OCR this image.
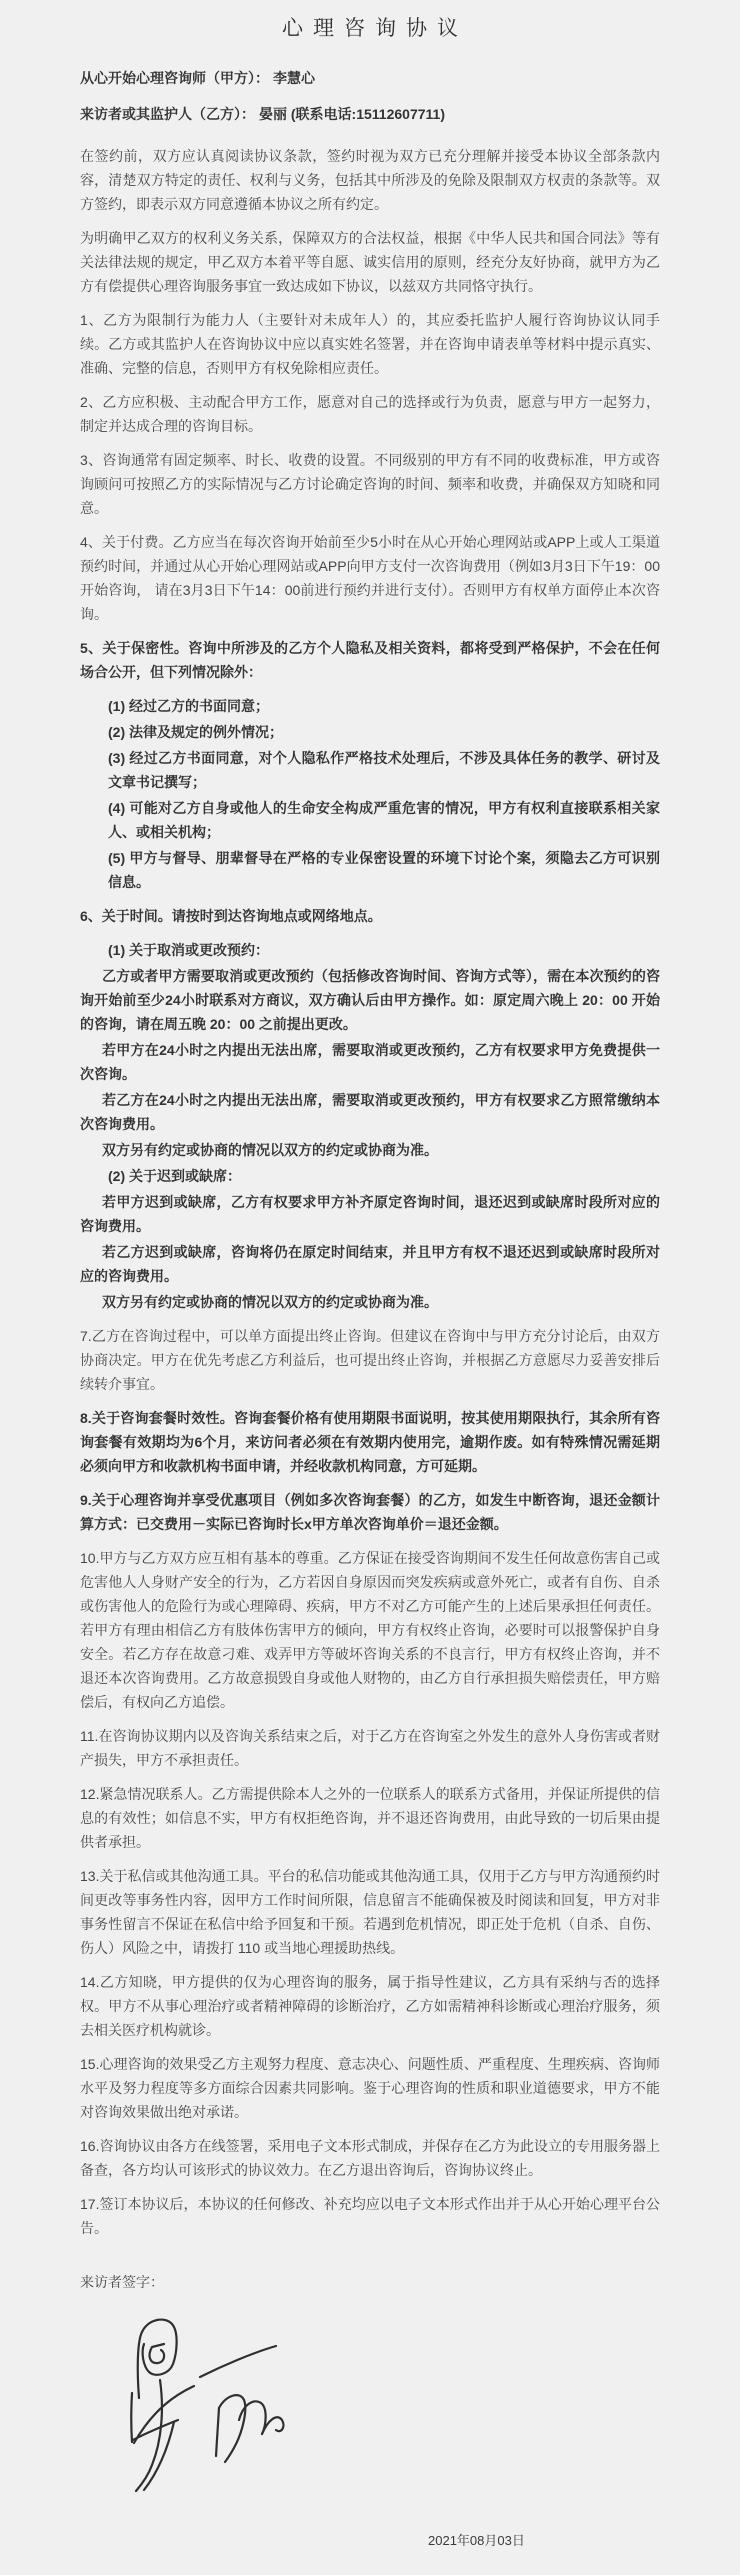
心理咨询协议
从心开始心理咨询师（甲方）： 李慧心
来访者或其监护人（乙方）： 晏丽 (联系电话:15112607711)

在签约前，双方应认真阅读协议条款，签约时视为双方已充分理解并接受本协议全部条款内容，清楚双方特定的责任、权利与义务，包括其中所涉及的免除及限制双方权责的条款等。双方签约，即表示双方同意遵循本协议之所有约定。

为明确甲乙双方的权利义务关系，保障双方的合法权益，根据《中华人民共和国合同法》等有关法律法规的规定，甲乙双方本着平等自愿、诚实信用的原则，经充分友好协商，就甲方为乙方有偿提供心理咨询服务事宜一致达成如下协议，以兹双方共同恪守执行。

1、乙方为限制行为能力人（主要针对未成年人）的，其应委托监护人履行咨询协议认同手续。乙方或其监护人在咨询协议中应以真实姓名签署，并在咨询申请表单等材料中提示真实、准确、完整的信息，否则甲方有权免除相应责任。

2、乙方应积极、主动配合甲方工作，愿意对自己的选择或行为负责，愿意与甲方一起努力，制定并达成合理的咨询目标。

3、咨询通常有固定频率、时长、收费的设置。不同级别的甲方有不同的收费标准，甲方或咨询顾问可按照乙方的实际情况与乙方讨论确定咨询的时间、频率和收费，并确保双方知晓和同意。

4、关于付费。乙方应当在每次咨询开始前至少5小时在从心开始心理网站或APP上或人工渠道预约时间，并通过从心开始心理网站或APP向甲方支付一次咨询费用（例如3月3日下午19：00开始咨询， 请在3月3日下午14：00前进行预约并进行支付）。否则甲方有权单方面停止本次咨询。

5、关于保密性。咨询中所涉及的乙方个人隐私及相关资料，都将受到严格保护，不会在任何场合公开，但下列情况除外：

(1) 经过乙方的书面同意；

(2) 法律及规定的例外情况；

(3) 经过乙方书面同意，对个人隐私作严格技术处理后，不涉及具体任务的教学、研讨及文章书记撰写；

(4) 可能对乙方自身或他人的生命安全构成严重危害的情况，甲方有权利直接联系相关家人、或相关机构；

(5) 甲方与督导、朋辈督导在严格的专业保密设置的环境下讨论个案，须隐去乙方可识别信息。

6、关于时间。请按时到达咨询地点或网络地点。

(1) 关于取消或更改预约：

乙方或者甲方需要取消或更改预约（包括修改咨询时间、咨询方式等），需在本次预约的咨询开始前至少24小时联系对方商议，双方确认后由甲方操作。如：原定周六晚上 20：00 开始的咨询，请在周五晚 20：00 之前提出更改。

若甲方在24小时之内提出无法出席，需要取消或更改预约，乙方有权要求甲方免费提供一次咨询。

若乙方在24小时之内提出无法出席，需要取消或更改预约，甲方有权要求乙方照常缴纳本次咨询费用。

双方另有约定或协商的情况以双方的约定或协商为准。

(2) 关于迟到或缺席：

若甲方迟到或缺席，乙方有权要求甲方补齐原定咨询时间，退还迟到或缺席时段所对应的咨询费用。

若乙方迟到或缺席，咨询将仍在原定时间结束，并且甲方有权不退还迟到或缺席时段所对应的咨询费用。

双方另有约定或协商的情况以双方的约定或协商为准。

7.乙方在咨询过程中，可以单方面提出终止咨询。但建议在咨询中与甲方充分讨论后，由双方协商决定。甲方在优先考虑乙方利益后，也可提出终止咨询，并根据乙方意愿尽力妥善安排后续转介事宜。

8.关于咨询套餐时效性。咨询套餐价格有使用期限书面说明，按其使用期限执行，其余所有咨询套餐有效期均为6个月，来访问者必须在有效期内使用完，逾期作废。如有特殊情况需延期必须向甲方和收款机构书面申请，并经收款机构同意，方可延期。

9.关于心理咨询并享受优惠项目（例如多次咨询套餐）的乙方，如发生中断咨询，退还金额计算方式：已交费用－实际已咨询时长x甲方单次咨询单价＝退还金额。

10.甲方与乙方双方应互相有基本的尊重。乙方保证在接受咨询期间不发生任何故意伤害自己或危害他人人身财产安全的行为，乙方若因自身原因而突发疾病或意外死亡，或者有自伤、自杀或伤害他人的危险行为或心理障碍、疾病，甲方不对乙方可能产生的上述后果承担任何责任。若甲方有理由相信乙方有肢体伤害甲方的倾向，甲方有权终止咨询，必要时可以报警保护自身安全。若乙方存在故意刁难、戏弄甲方等破坏咨询关系的不良言行，甲方有权终止咨询，并不退还本次咨询费用。乙方故意损毁自身或他人财物的，由乙方自行承担损失赔偿责任，甲方赔偿后，有权向乙方追偿。

11.在咨询协议期内以及咨询关系结束之后，对于乙方在咨询室之外发生的意外人身伤害或者财产损失，甲方不承担责任。

12.紧急情况联系人。乙方需提供除本人之外的一位联系人的联系方式备用，并保证所提供的信息的有效性；如信息不实，甲方有权拒绝咨询，并不退还咨询费用，由此导致的一切后果由提供者承担。

13.关于私信或其他沟通工具。平台的私信功能或其他沟通工具，仅用于乙方与甲方沟通预约时间更改等事务性内容，因甲方工作时间所限，信息留言不能确保被及时阅读和回复，甲方对非事务性留言不保证在私信中给予回复和干预。若遇到危机情况，即正处于危机（自杀、自伤、伤人）风险之中，请拨打 110 或当地心理援助热线。

14.乙方知晓，甲方提供的仅为心理咨询的服务，属于指导性建议，乙方具有采纳与否的选择权。甲方不从事心理治疗或者精神障碍的诊断治疗，乙方如需精神科诊断或心理治疗服务，须去相关医疗机构就诊。

15.心理咨询的效果受乙方主观努力程度、意志决心、问题性质、严重程度、生理疾病、咨询师水平及努力程度等多方面综合因素共同影响。鉴于心理咨询的性质和职业道德要求，甲方不能对咨询效果做出绝对承诺。

16.咨询协议由各方在线签署，采用电子文本形式制成，并保存在乙方为此设立的专用服务器上备查，各方均认可该形式的协议效力。在乙方退出咨询后，咨询协议终止。

17.签订本协议后，本协议的任何修改、补充均应以电子文本形式作出并于从心开始心理平台公告。

来访者签字：
2021年08月03日
